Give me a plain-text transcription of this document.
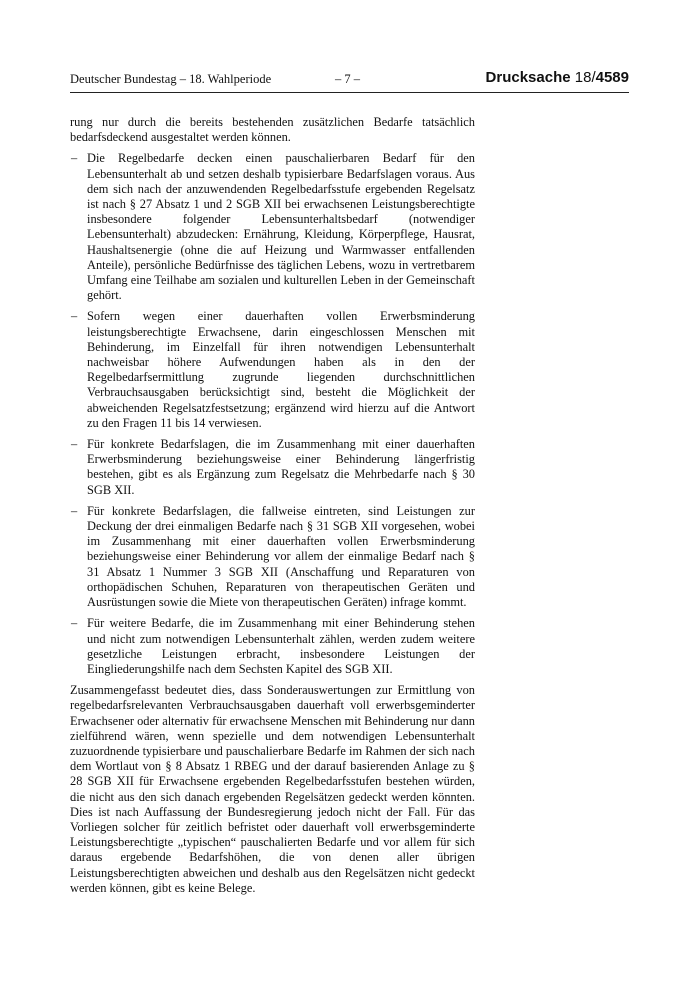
Deutscher Bundestag – 18. Wahlperiode	– 7 –	Drucksache 18/4589

rung nur durch die bereits bestehenden zusätzlichen Bedarfe tatsächlich bedarfsdeckend ausgestaltet werden können.

– Die Regelbedarfe decken einen pauschalierbaren Bedarf für den Lebensunterhalt ab und setzen deshalb typisierbare Bedarfslagen voraus. Aus dem sich nach der anzuwendenden Regelbedarfsstufe ergebenden Regelsatz ist nach § 27 Absatz 1 und 2 SGB XII bei erwachsenen Leistungsberechtigte insbesondere folgender Lebensunterhaltsbedarf (notwendiger Lebensunterhalt) abzudecken: Ernährung, Kleidung, Körperpflege, Hausrat, Haushaltsenergie (ohne die auf Heizung und Warmwasser entfallenden Anteile), persönliche Bedürfnisse des täglichen Lebens, wozu in vertretbarem Umfang eine Teilhabe am sozialen und kulturellen Leben in der Gemeinschaft gehört.
– Sofern wegen einer dauerhaften vollen Erwerbsminderung leistungsberechtigte Erwachsene, darin eingeschlossen Menschen mit Behinderung, im Einzelfall für ihren notwendigen Lebensunterhalt nachweisbar höhere Aufwendungen haben als in den der Regelbedarfsermittlung zugrunde liegenden durchschnittlichen Verbrauchsausgaben berücksichtigt sind, besteht die Möglichkeit der abweichenden Regelsatzfestsetzung; ergänzend wird hierzu auf die Antwort zu den Fragen 11 bis 14 verwiesen.
– Für konkrete Bedarfslagen, die im Zusammenhang mit einer dauerhaften Erwerbsminderung beziehungsweise einer Behinderung längerfristig bestehen, gibt es als Ergänzung zum Regelsatz die Mehrbedarfe nach § 30 SGB XII.
– Für konkrete Bedarfslagen, die fallweise eintreten, sind Leistungen zur Deckung der drei einmaligen Bedarfe nach § 31 SGB XII vorgesehen, wobei im Zusammenhang mit einer dauerhaften vollen Erwerbsminderung beziehungsweise einer Behinderung vor allem der einmalige Bedarf nach § 31 Absatz 1 Nummer 3 SGB XII (Anschaffung und Reparaturen von orthopädischen Schuhen, Reparaturen von therapeutischen Geräten und Ausrüstungen sowie die Miete von therapeutischen Geräten) infrage kommt.
– Für weitere Bedarfe, die im Zusammenhang mit einer Behinderung stehen und nicht zum notwendigen Lebensunterhalt zählen, werden zudem weitere gesetzliche Leistungen erbracht, insbesondere Leistungen der Eingliederungshilfe nach dem Sechsten Kapitel des SGB XII.

Zusammengefasst bedeutet dies, dass Sonderauswertungen zur Ermittlung von regelbedarfsrelevanten Verbrauchsausgaben dauerhaft voll erwerbsgeminderter Erwachsener oder alternativ für erwachsene Menschen mit Behinderung nur dann zielführend wären, wenn spezielle und dem notwendigen Lebensunterhalt zuzuordnende typisierbare und pauschalierbare Bedarfe im Rahmen der sich nach dem Wortlaut von § 8 Absatz 1 RBEG und der darauf basierenden Anlage zu § 28 SGB XII für Erwachsene ergebenden Regelbedarfsstufen bestehen würden, die nicht aus den sich danach ergebenden Regelsätzen gedeckt werden könnten. Dies ist nach Auffassung der Bundesregierung jedoch nicht der Fall. Für das Vorliegen solcher für zeitlich befristet oder dauerhaft voll erwerbsgeminderte Leistungsberechtigte „typischen“ pauschalierten Bedarfe und vor allem für sich daraus ergebende Bedarfshöhen, die von denen aller übrigen Leistungsberechtigten abweichen und deshalb aus den Regelsätzen nicht gedeckt werden können, gibt es keine Belege.
